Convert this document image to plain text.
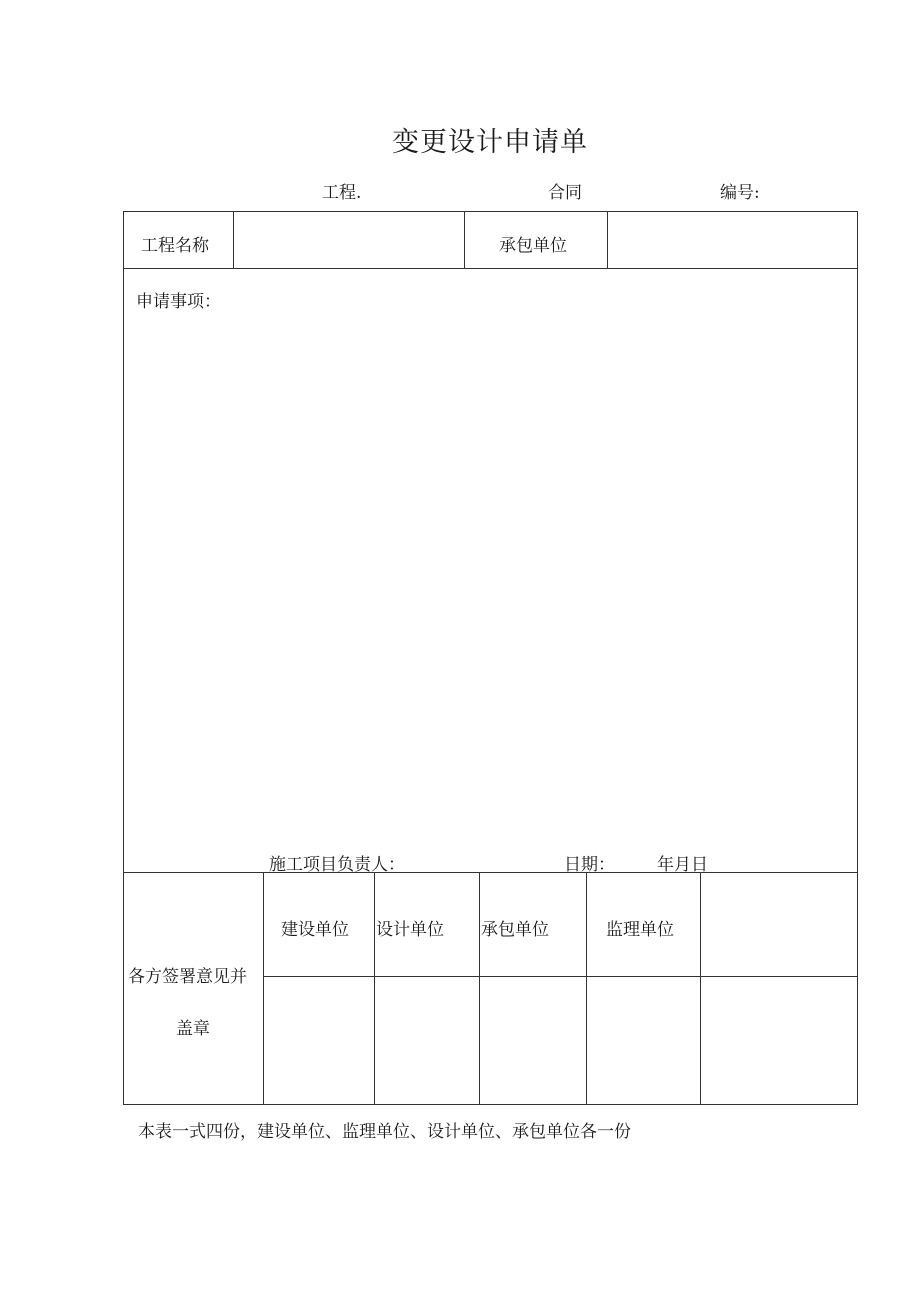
变更设计申请单
工程.	合同	编号:
工程名称	承包单位
申请事项：
施工项目负责人：	日期： 年月日
各方签署意见并
盖章
建设单位 设计单位 承包单位	监理单位
本表一式四份，建设单位、监理单位、设计单位、承包单位各一份
